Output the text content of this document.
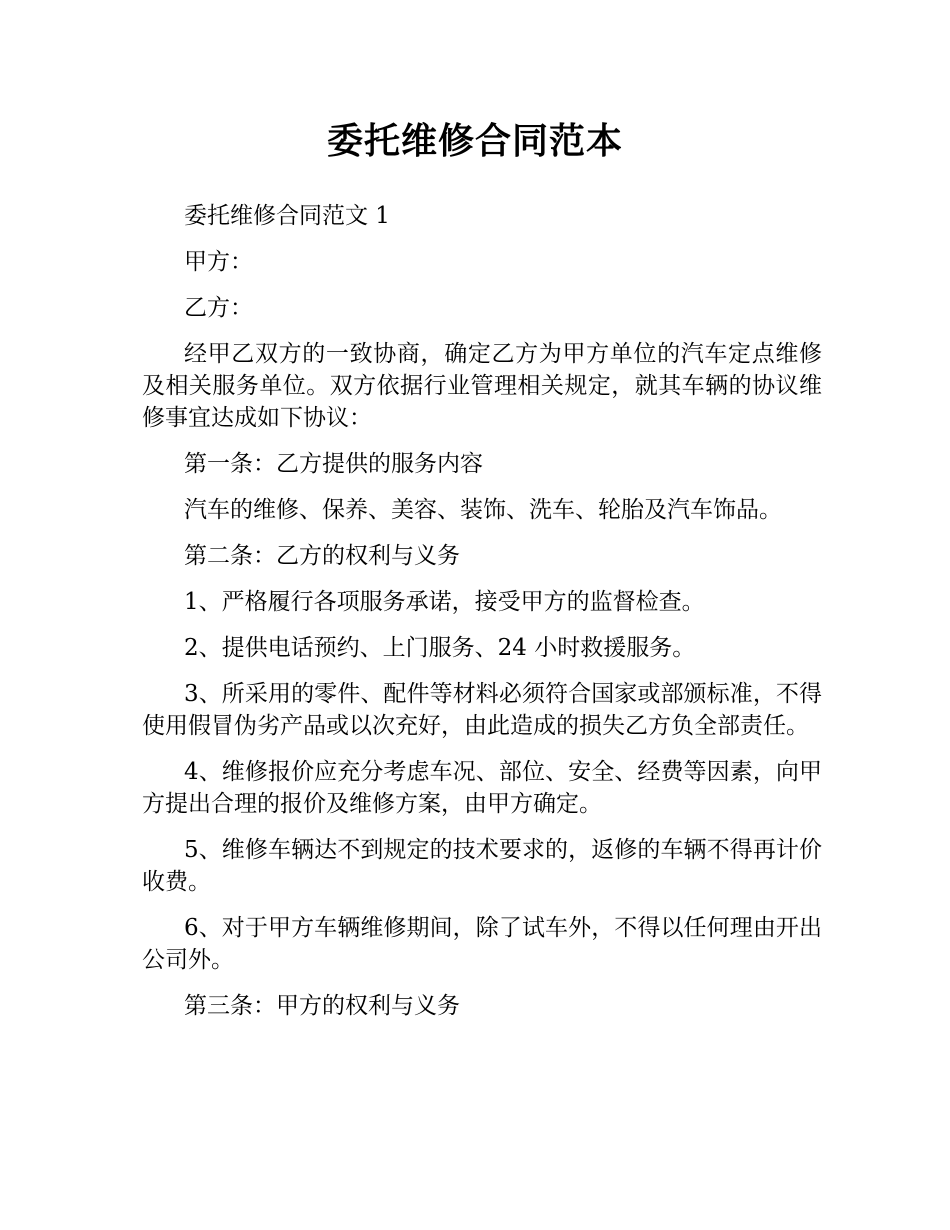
委托维修合同范本

委托维修合同范文 1

甲方：

乙方：

经甲乙双方的一致协商，确定乙方为甲方单位的汽车定点维修及相关服务单位。双方依据行业管理相关规定，就其车辆的协议维修事宜达成如下协议：

第一条：乙方提供的服务内容

汽车的维修、保养、美容、装饰、洗车、轮胎及汽车饰品。

第二条：乙方的权利与义务

1、严格履行各项服务承诺，接受甲方的监督检查。

2、提供电话预约、上门服务、24 小时救援服务。

3、所采用的零件、配件等材料必须符合国家或部颁标准，不得使用假冒伪劣产品或以次充好，由此造成的损失乙方负全部责任。

4、维修报价应充分考虑车况、部位、安全、经费等因素，向甲方提出合理的报价及维修方案，由甲方确定。

5、维修车辆达不到规定的技术要求的，返修的车辆不得再计价收费。

6、对于甲方车辆维修期间，除了试车外，不得以任何理由开出公司外。

第三条：甲方的权利与义务
